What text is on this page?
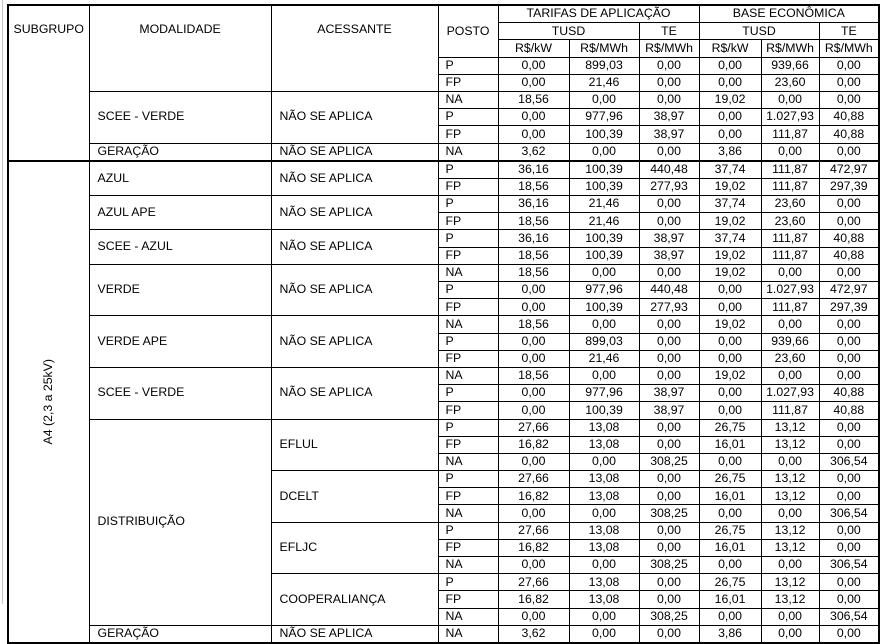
SUBGRUPO	MODALIDADE	ACESSANTE	POSTO	TARIFAS DE APLICAÇÃO			BASE ECONÔMICA		
				TUSD		TE	TUSD		TE
				R$/kW	R$/MWh	R$/MWh	R$/kW	R$/MWh	R$/MWh
			P	0,00	899,03	0,00	0,00	939,66	0,00
			FP	0,00	21,46	0,00	0,00	23,60	0,00
	SCEE - VERDE	NÃO SE APLICA	NA	18,56	0,00	0,00	19,02	0,00	0,00
			P	0,00	977,96	38,97	0,00	1.027,93	40,88
			FP	0,00	100,39	38,97	0,00	111,87	40,88
	GERAÇÃO	NÃO SE APLICA	NA	3,62	0,00	0,00	3,86	0,00	0,00

A4 (2,3 a 25kV)	AZUL	NÃO SE APLICA	P	36,16	100,39	440,48	37,74	111,87	472,97
			FP	18,56	100,39	277,93	19,02	111,87	297,39
	AZUL APE	NÃO SE APLICA	P	36,16	21,46	0,00	37,74	23,60	0,00
			FP	18,56	21,46	0,00	19,02	23,60	0,00
	SCEE - AZUL	NÃO SE APLICA	P	36,16	100,39	38,97	37,74	111,87	40,88
			FP	18,56	100,39	38,97	19,02	111,87	40,88
	VERDE	NÃO SE APLICA	NA	18,56	0,00	0,00	19,02	0,00	0,00
			P	0,00	977,96	440,48	0,00	1.027,93	472,97
			FP	0,00	100,39	277,93	0,00	111,87	297,39
	VERDE APE	NÃO SE APLICA	NA	18,56	0,00	0,00	19,02	0,00	0,00
			P	0,00	899,03	0,00	0,00	939,66	0,00
			FP	0,00	21,46	0,00	0,00	23,60	0,00
	SCEE - VERDE	NÃO SE APLICA	NA	18,56	0,00	0,00	19,02	0,00	0,00
			P	0,00	977,96	38,97	0,00	1.027,93	40,88
			FP	0,00	100,39	38,97	0,00	111,87	40,88
	DISTRIBUIÇÃO	EFLUL	P	27,66	13,08	0,00	26,75	13,12	0,00
			FP	16,82	13,08	0,00	16,01	13,12	0,00
			NA	0,00	0,00	308,25	0,00	0,00	306,54
		DCELT	P	27,66	13,08	0,00	26,75	13,12	0,00
			FP	16,82	13,08	0,00	16,01	13,12	0,00
			NA	0,00	0,00	308,25	0,00	0,00	306,54
		EFLJC	P	27,66	13,08	0,00	26,75	13,12	0,00
			FP	16,82	13,08	0,00	16,01	13,12	0,00
			NA	0,00	0,00	308,25	0,00	0,00	306,54
		COOPERALIANÇA	P	27,66	13,08	0,00	26,75	13,12	0,00
			FP	16,82	13,08	0,00	16,01	13,12	0,00
			NA	0,00	0,00	308,25	0,00	0,00	306,54
	GERAÇÃO	NÃO SE APLICA	NA	3,62	0,00	0,00	3,86	0,00	0,00
